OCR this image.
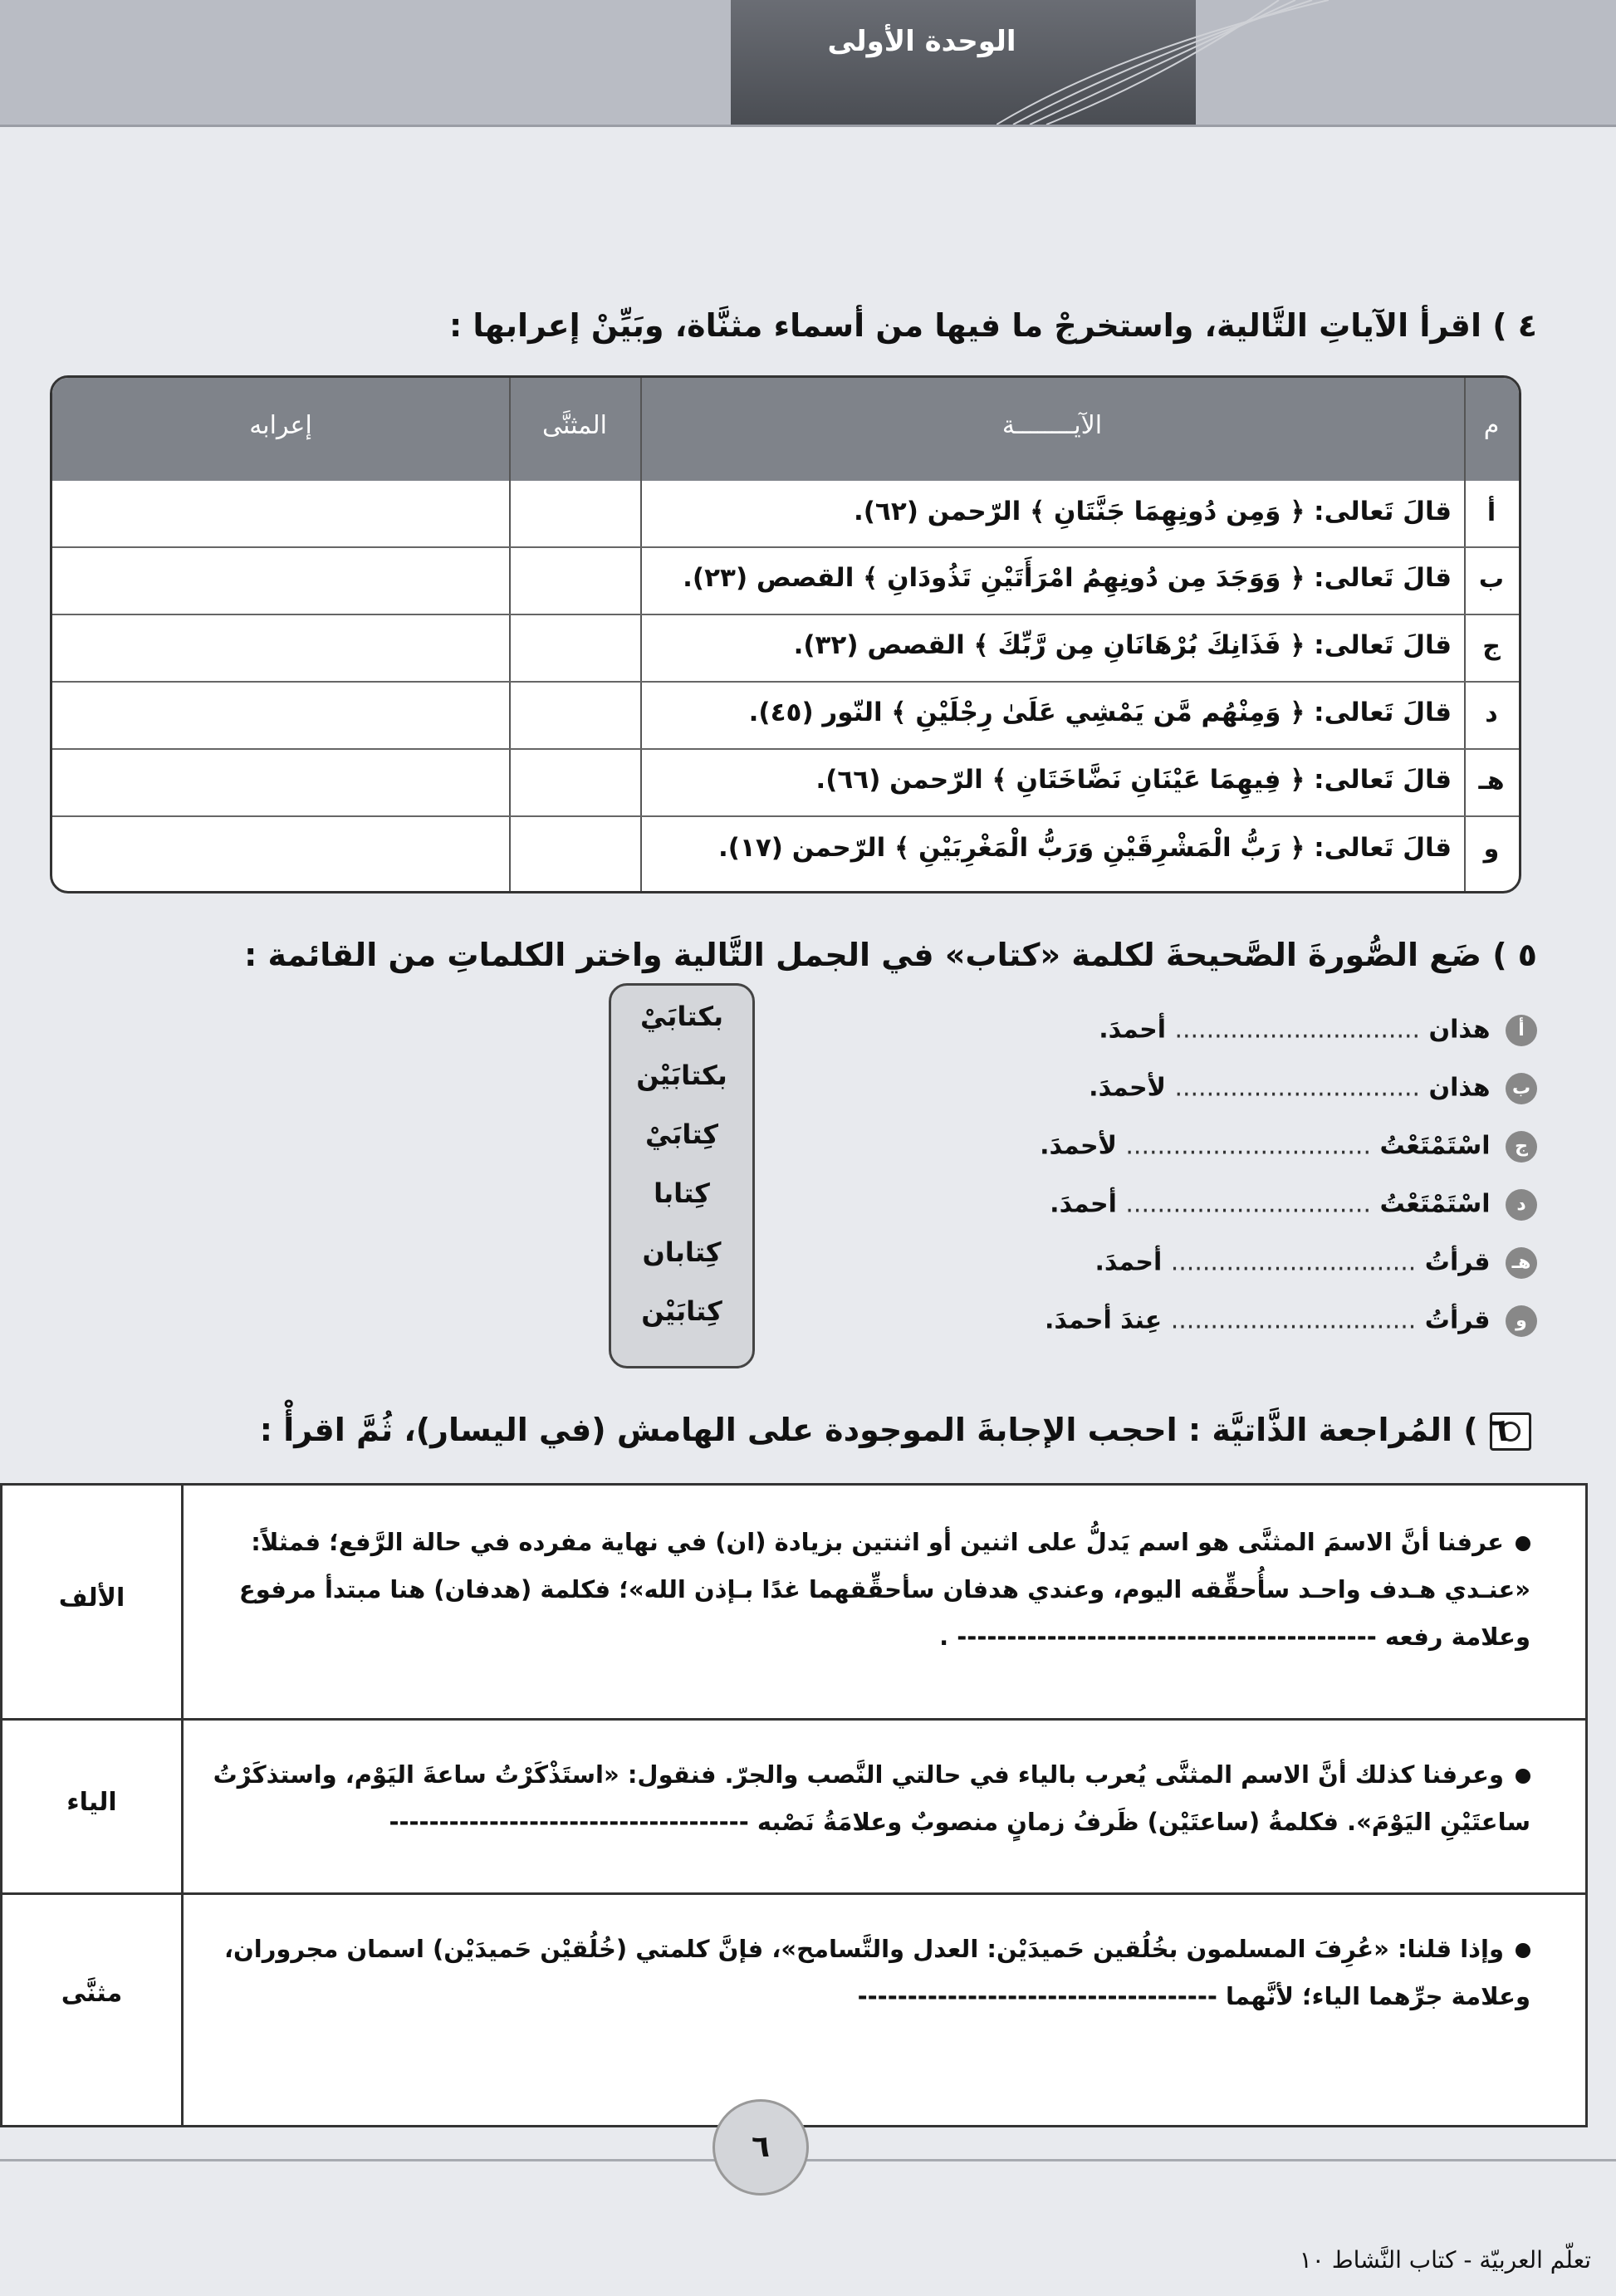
الوحدة الأولى
٤ ) اقرأ الآياتِ التَّالية، واستخرجْ ما فيها من أسماء مثنَّاة، وبَيِّنْ إعرابها :
م
الآيــــــــة
المثنَّى
إعرابه
أ
قالَ تَعالى: ﴿ وَمِن دُونِهِمَا جَنَّتَانِ ﴾ الرّحمن (٦٢).
ب
قالَ تَعالى: ﴿ وَوَجَدَ مِن دُونِهِمُ امْرَأَتَيْنِ تَذُودَانِ ﴾ القصص (٢٣).
ج
قالَ تَعالى: ﴿ فَذَانِكَ بُرْهَانَانِ مِن رَّبِّكَ ﴾ القصص (٣٢).
د
قالَ تَعالى: ﴿ وَمِنْهُم مَّن يَمْشِي عَلَىٰ رِجْلَيْنِ ﴾ النّور (٤٥).
هـ
قالَ تَعالى: ﴿ فِيهِمَا عَيْنَانِ نَضَّاخَتَانِ ﴾ الرّحمن (٦٦).
و
قالَ تَعالى: ﴿ رَبُّ الْمَشْرِقَيْنِ وَرَبُّ الْمَغْرِبَيْنِ ﴾ الرّحمن (١٧).
٥ ) ضَع الصُّورةَ الصَّحيحةَ لكلمة «كتاب» في الجمل التَّالية واختر الكلماتِ من القائمة :
أ هذان ............................... أحمدَ.
ب هذان ............................... لأحمدَ.
ج اسْتَمْتَعْتُ ............................... لأحمدَ.
د اسْتَمْتَعْتُ ............................... أحمدَ.
هـ قرأتُ ............................... أحمدَ.
و قرأتُ ............................... عِندَ أحمدَ.
بكتابَيْ
بكتابَيْن
كِتابَيْ
كِتابا
كِتابان
كِتابَيْن
٦ ) المُراجعة الذَّاتيَّة : احجب الإجابةَ الموجودة على الهامش (في اليسار)، ثُمَّ اقرأْ :
الألف
عرفنا أنَّ الاسمَ المثنَّى هو اسم يَدلُّ على اثنين أو اثنتين بزيادة (ان) في نهاية مفرده في حالة الرَّفع؛ فمثلاً: «عنـدي هـدف واحـد سأُحقِّقه اليوم، وعندي هدفان سأحقِّقهما غدًا بـإذن الله»؛ فكلمة (هدفان) هنا مبتدأ مرفوع وعلامة رفعه ------------------------------------------ .
الياء
وعرفنا كذلك أنَّ الاسم المثنَّى يُعرب بالياء في حالتي النَّصب والجرّ. فنقول: «استَذْكَرْتُ ساعةَ اليَوْم، واستذكَرْتُ ساعتَيْنِ اليَوْمَ». فكلمةُ (ساعتَيْن) ظَرفُ زمانٍ منصوبٌ وعلامَةُ نَصْبه ------------------------------------
مثنَّى
وإذا قلنا: «عُرِفَ المسلمون بخُلُقين حَميدَيْن: العدل والتَّسامح»، فإنَّ كلمتي (خُلُقيْن حَميدَيْن) اسمان مجروران، وعلامة جرِّهما الياء؛ لأنَّهما ------------------------------------
٦
تعلّم العربيّة - كتاب النَّشاط ١٠
